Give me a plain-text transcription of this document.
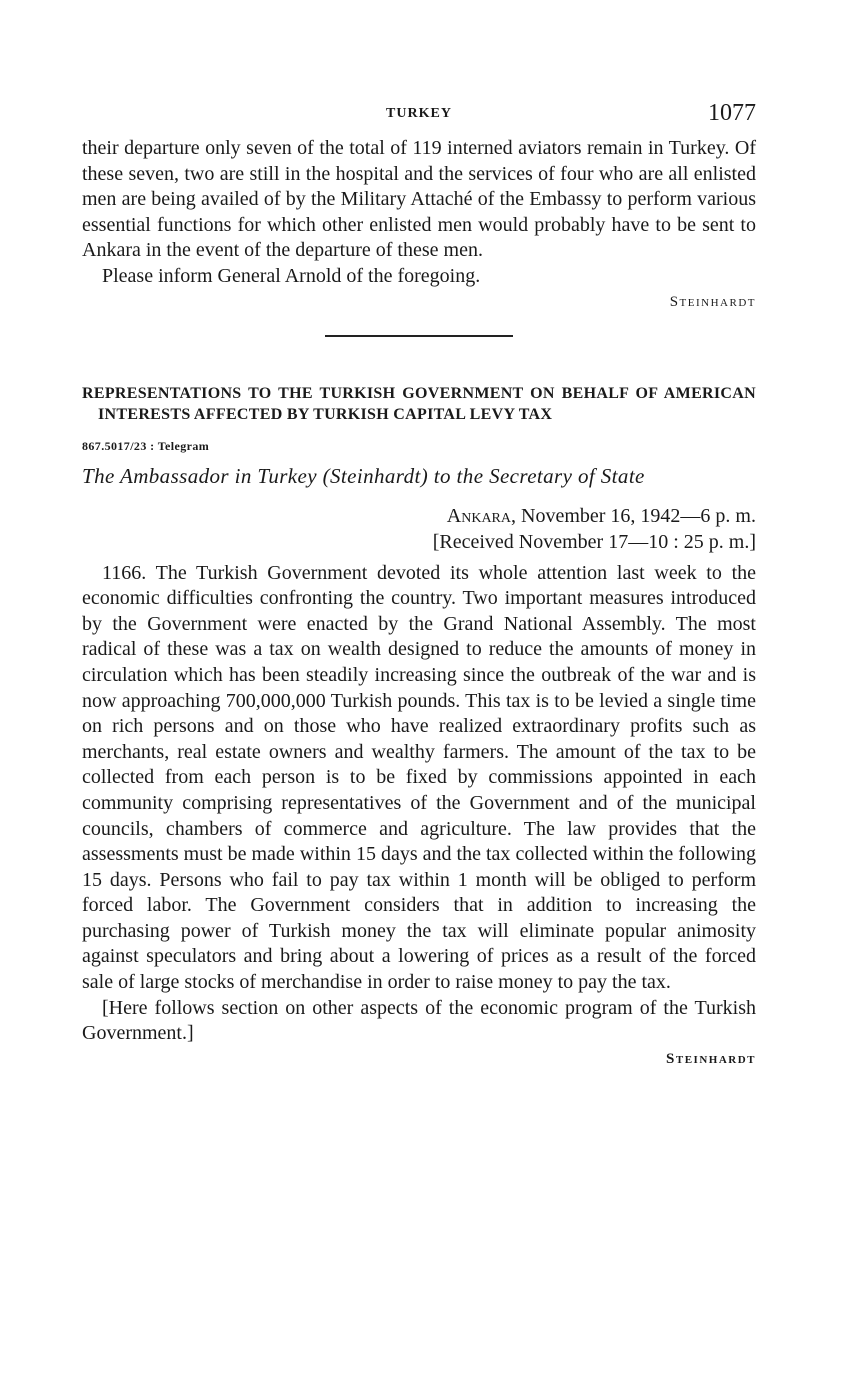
TURKEY	1077

their departure only seven of the total of 119 interned aviators remain in Turkey. Of these seven, two are still in the hospital and the services of four who are all enlisted men are being availed of by the Military Attaché of the Embassy to perform various essential functions for which other enlisted men would probably have to be sent to Ankara in the event of the departure of these men.

Please inform General Arnold of the foregoing.

Steinhardt
REPRESENTATIONS TO THE TURKISH GOVERNMENT ON BEHALF OF AMERICAN INTERESTS AFFECTED BY TURKISH CAPITAL LEVY TAX
867.5017/23 : Telegram
The Ambassador in Turkey (Steinhardt) to the Secretary of State
Ankara, November 16, 1942—6 p. m.
[Received November 17—10 : 25 p. m.]

1166. The Turkish Government devoted its whole attention last week to the economic difficulties confronting the country. Two important measures introduced by the Government were enacted by the Grand National Assembly. The most radical of these was a tax on wealth designed to reduce the amounts of money in circulation which has been steadily increasing since the outbreak of the war and is now approaching 700,000,000 Turkish pounds. This tax is to be levied a single time on rich persons and on those who have realized extraordinary profits such as merchants, real estate owners and wealthy farmers. The amount of the tax to be collected from each person is to be fixed by commissions appointed in each community comprising representatives of the Government and of the municipal councils, chambers of commerce and agriculture. The law provides that the assessments must be made within 15 days and the tax collected within the following 15 days. Persons who fail to pay tax within 1 month will be obliged to perform forced labor. The Government considers that in addition to increasing the purchasing power of Turkish money the tax will eliminate popular animosity against speculators and bring about a lowering of prices as a result of the forced sale of large stocks of merchandise in order to raise money to pay the tax.

[Here follows section on other aspects of the economic program of the Turkish Government.]

Steinhardt
